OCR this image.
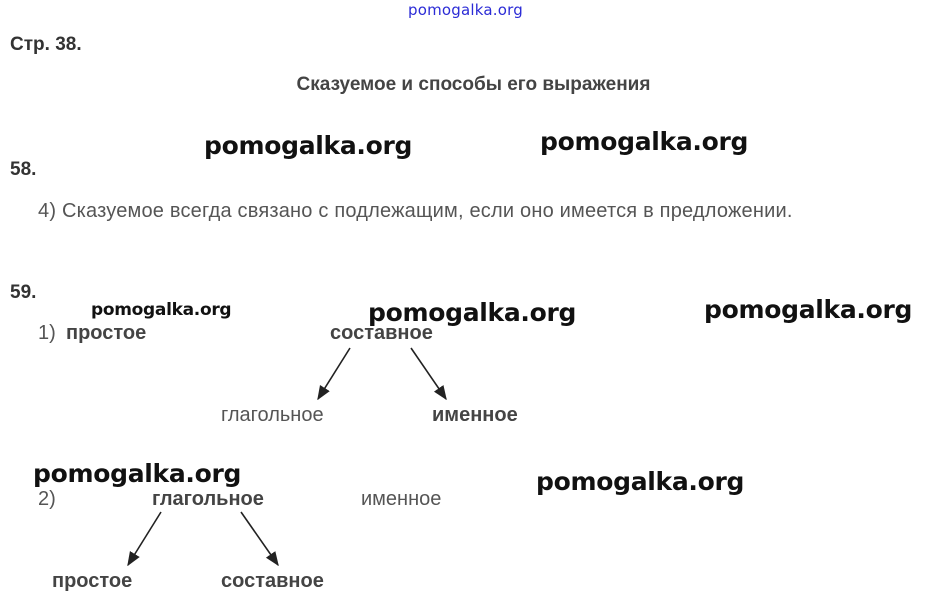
pomogalka.org
Стр. 38.
Сказуемое и способы его выражения
pomogalka.org	pomogalka.org
58.
4) Сказуемое всегда связано с подлежащим, если оно имеется в предложении.
59.
pomogalka.org	pomogalka.org	pomogalka.org
1) простое	составное
глагольное	именное
pomogalka.org	pomogalka.org
2)	глагольное	именное
простое	составное
